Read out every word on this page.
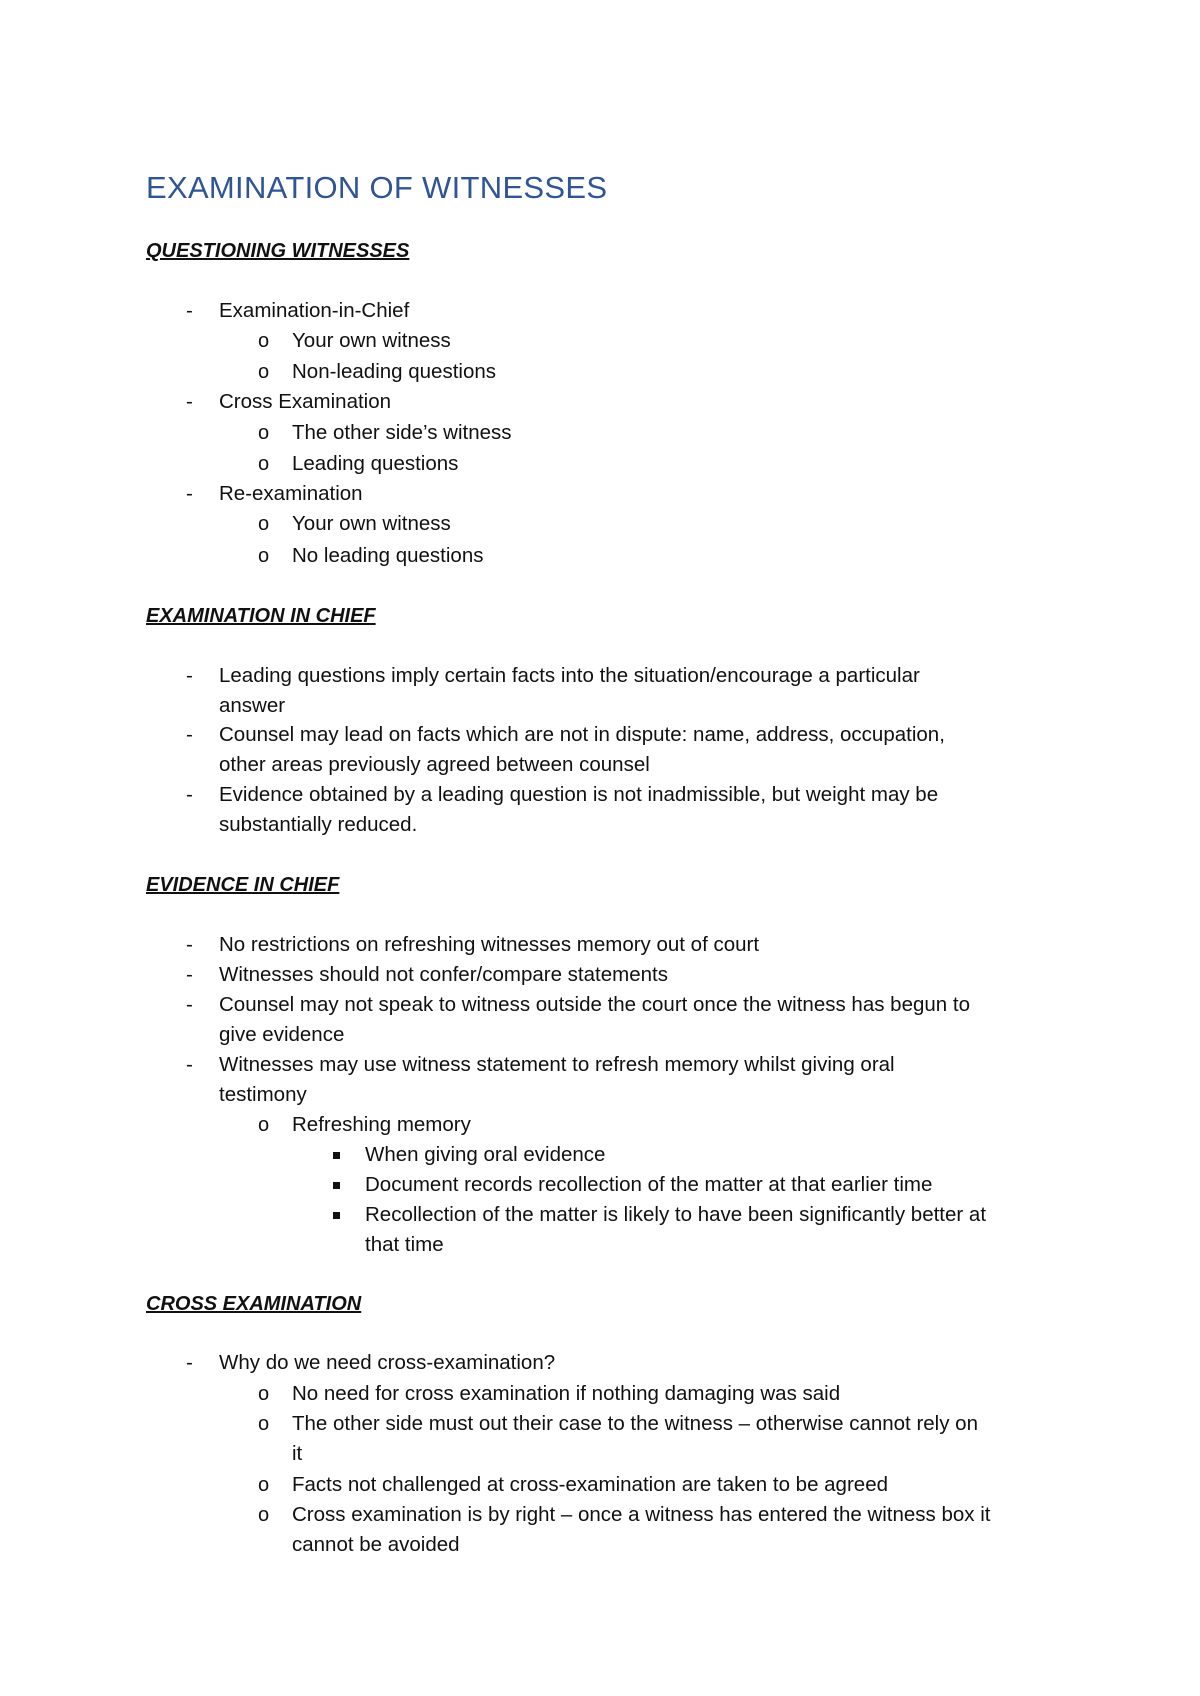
EXAMINATION OF WITNESSES
QUESTIONING WITNESSES
- Examination-in-Chief
o Your own witness
o Non-leading questions
- Cross Examination
o The other side’s witness
o Leading questions
- Re-examination
o Your own witness
o No leading questions
EXAMINATION IN CHIEF
- Leading questions imply certain facts into the situation/encourage a particular
answer
- Counsel may lead on facts which are not in dispute: name, address, occupation,
other areas previously agreed between counsel
- Evidence obtained by a leading question is not inadmissible, but weight may be
substantially reduced.
EVIDENCE IN CHIEF
- No restrictions on refreshing witnesses memory out of court
- Witnesses should not confer/compare statements
- Counsel may not speak to witness outside the court once the witness has begun to
give evidence
- Witnesses may use witness statement to refresh memory whilst giving oral
testimony
o Refreshing memory
When giving oral evidence
Document records recollection of the matter at that earlier time
Recollection of the matter is likely to have been significantly better at
that time
CROSS EXAMINATION
- Why do we need cross-examination?
o No need for cross examination if nothing damaging was said
o The other side must out their case to the witness – otherwise cannot rely on
it
o Facts not challenged at cross-examination are taken to be agreed
o Cross examination is by right – once a witness has entered the witness box it
cannot be avoided
